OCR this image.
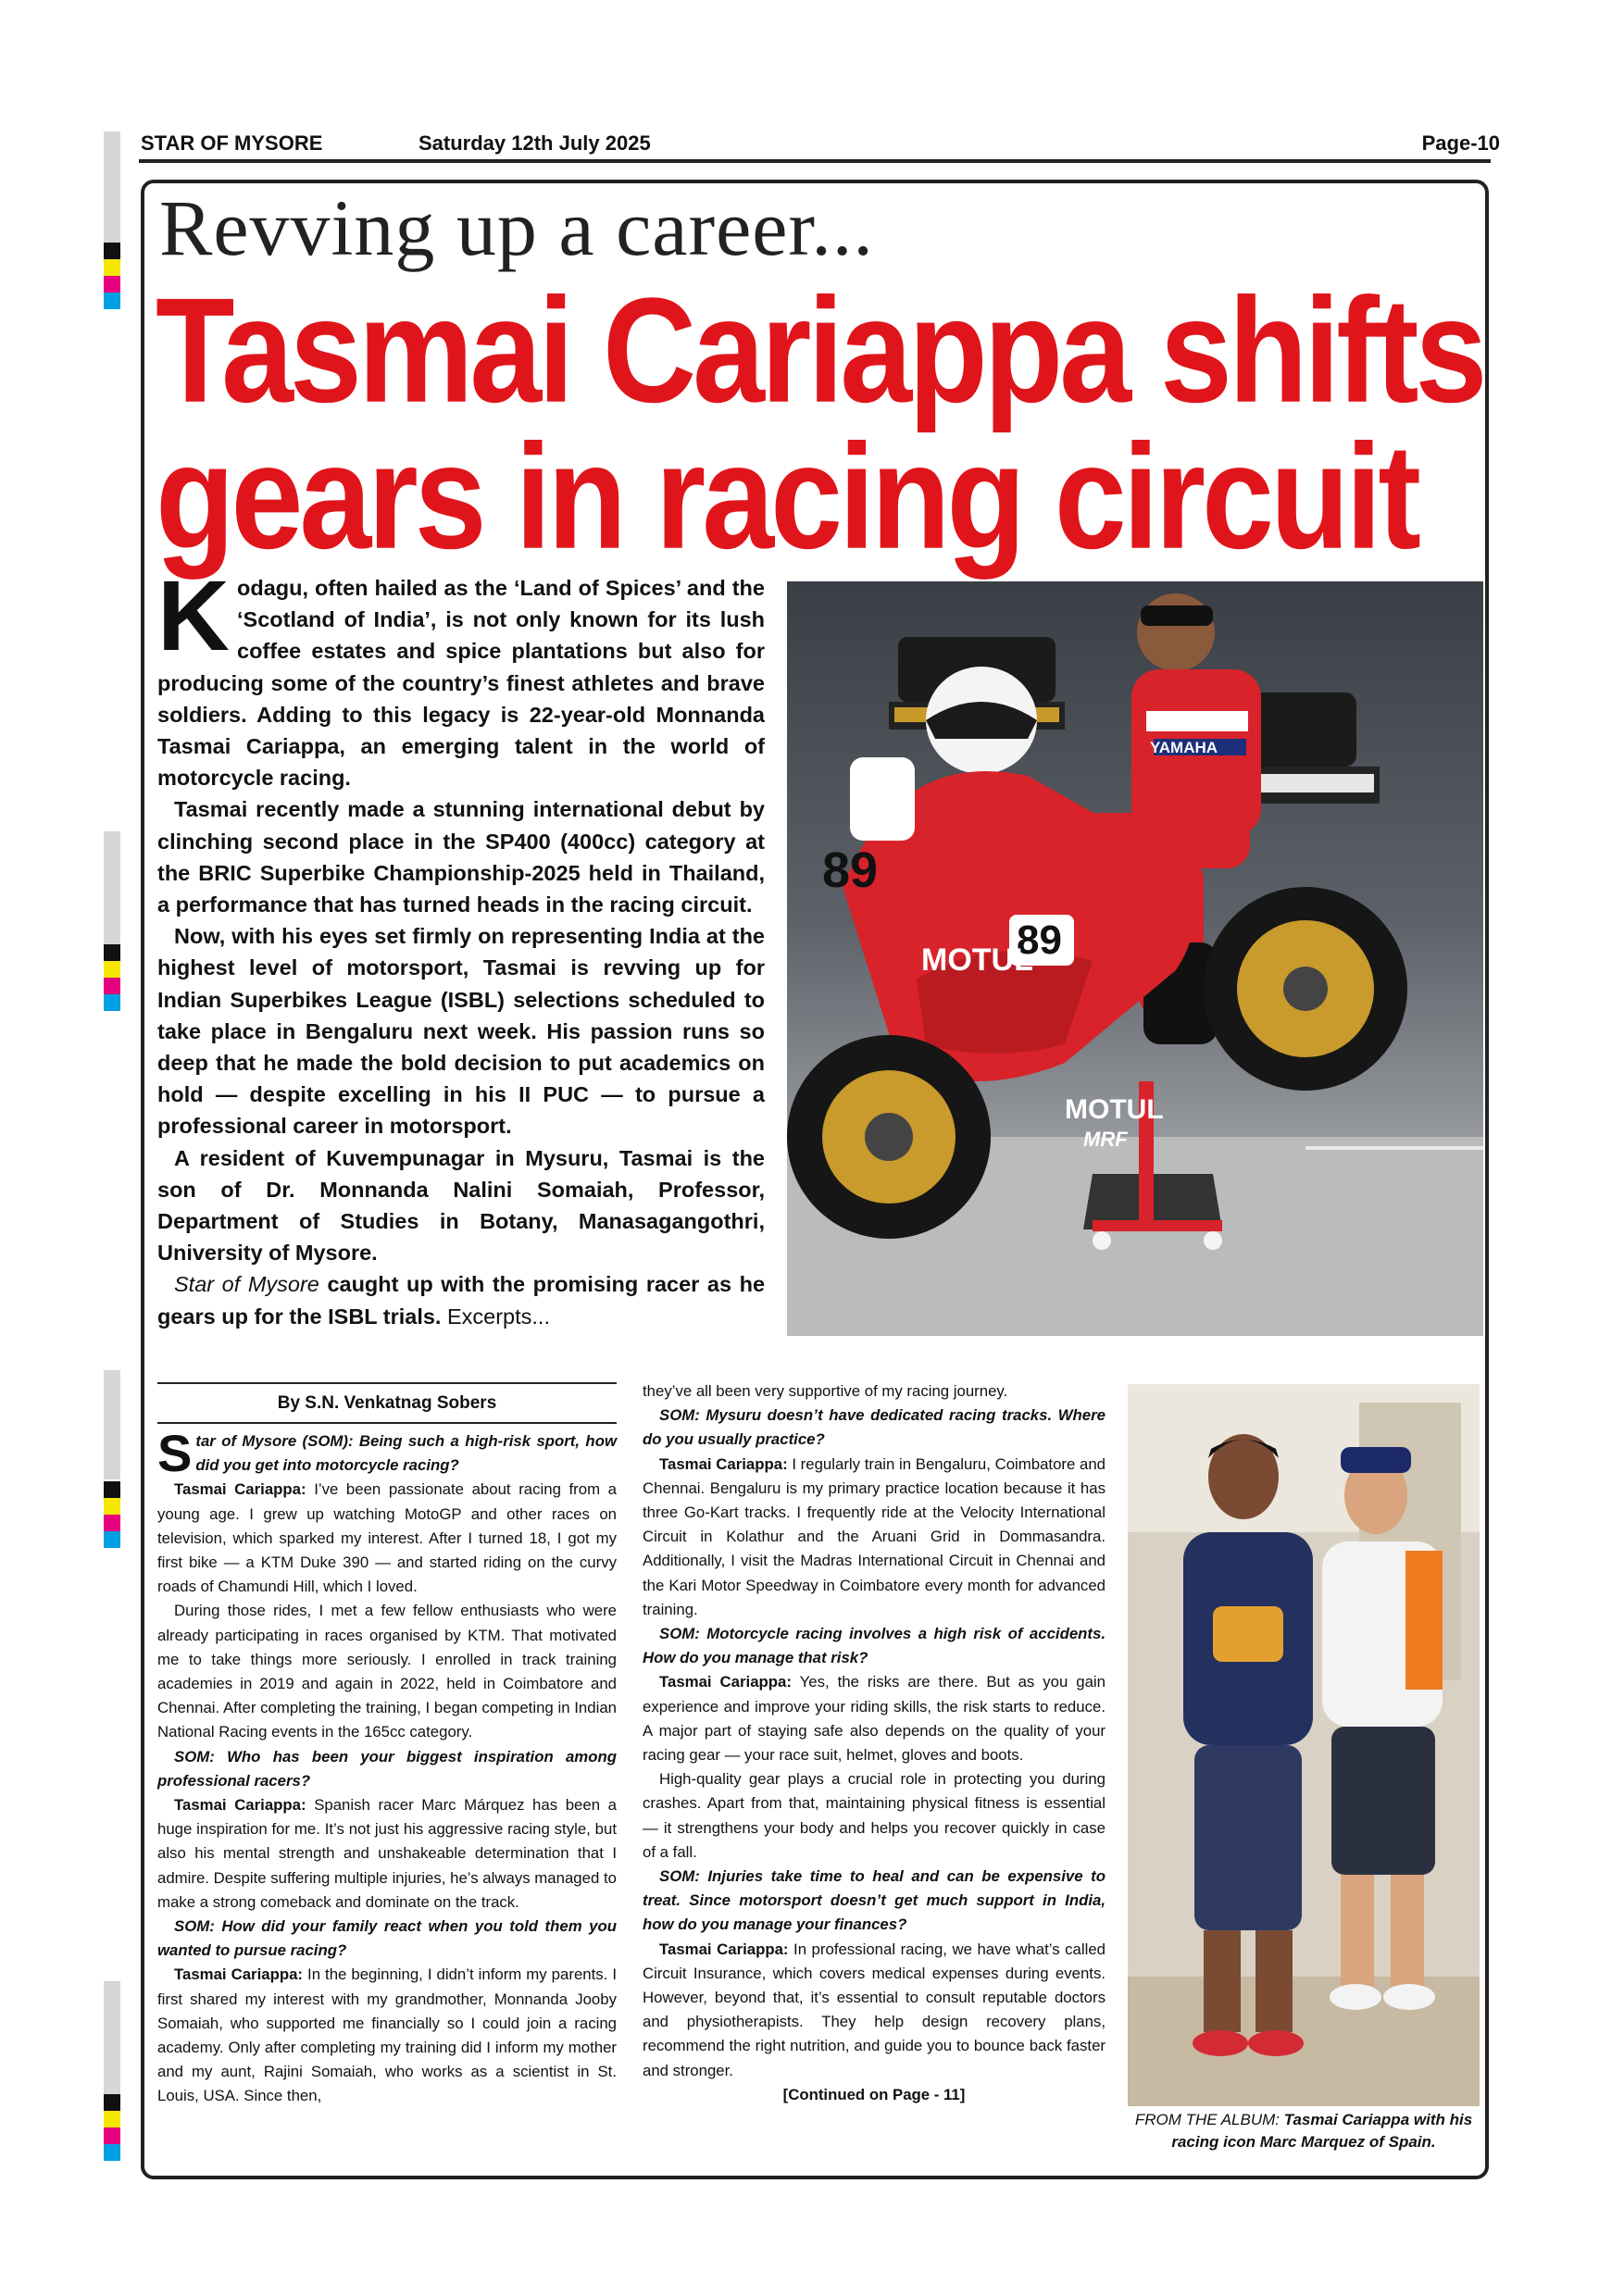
STAR OF MYSORE	Saturday 12th July 2025	Page-10
Revving up a career...
Tasmai Cariappa shifts
gears in racing circuit
89
89
MOTUL
YAMAHA
MOTUL
MRF

Kodagu, often hailed as the ‘Land of Spices’ and the ‘Scotland of India’, is not only known for its lush coffee estates and spice plantations but also for producing some of the country’s finest athletes and brave soldiers. Adding to this legacy is 22-year-old Monnanda Tasmai Cariappa, an emerging talent in the world of motorcycle racing.

Tasmai recently made a stunning international debut by clinching second place in the SP400 (400cc) category at the BRIC Superbike Championship-2025 held in Thailand, a performance that has turned heads in the racing circuit.

Now, with his eyes set firmly on representing India at the highest level of motorsport, Tasmai is revving up for Indian Superbikes League (ISBL) selections scheduled to take place in Bengaluru next week. His passion runs so deep that he made the bold decision to put academics on hold — despite excelling in his II PUC — to pursue a professional career in motorsport.

A resident of Kuvempunagar in Mysuru, Tasmai is the son of Dr. Monnanda Nalini Somaiah, Professor, Department of Studies in Botany, Manasagangothri, University of Mysore.

Star of Mysore caught up with the promising racer as he gears up for the ISBL trials. Excerpts...

By S.N. Venkatnag Sobers

Star of Mysore (SOM): Being such a high-risk sport, how did you get into motorcycle racing?

Tasmai Cariappa: I’ve been passionate about racing from a young age. I grew up watching MotoGP and other races on television, which sparked my interest. After I turned 18, I got my first bike — a KTM Duke 390 — and started riding on the curvy roads of Chamundi Hill, which I loved.

During those rides, I met a few fellow enthusiasts who were already participating in races organised by KTM. That motivated me to take things more seriously. I enrolled in track training academies in 2019 and again in 2022, held in Coimbatore and Chennai. After completing the training, I began competing in Indian National Racing events in the 165cc category.

SOM: Who has been your biggest inspiration among professional racers?

Tasmai Cariappa: Spanish racer Marc Márquez has been a huge inspiration for me. It’s not just his aggressive racing style, but also his mental strength and unshakeable determination that I admire. Despite suffering multiple injuries, he’s always managed to make a strong comeback and dominate on the track.

SOM: How did your family react when you told them you wanted to pursue racing?

Tasmai Cariappa: In the beginning, I didn’t inform my parents. I first shared my interest with my grandmother, Monnanda Jooby Somaiah, who supported me financially so I could join a racing academy. Only after completing my training did I inform my mother and my aunt, Rajini Somaiah, who works as a scientist in St. Louis, USA. Since then,

they’ve all been very supportive of my racing journey.

SOM: Mysuru doesn’t have dedicated racing tracks. Where do you usually practice?

Tasmai Cariappa: I regularly train in Bengaluru, Coimbatore and Chennai. Bengaluru is my primary practice location because it has three Go-Kart tracks. I frequently ride at the Velocity International Circuit in Kolathur and the Aruani Grid in Dommasandra. Additionally, I visit the Madras International Circuit in Chennai and the Kari Motor Speedway in Coimbatore every month for advanced training.

SOM: Motorcycle racing involves a high risk of accidents. How do you manage that risk?

Tasmai Cariappa: Yes, the risks are there. But as you gain experience and improve your riding skills, the risk starts to reduce. A major part of staying safe also depends on the quality of your racing gear — your race suit, helmet, gloves and boots.

High-quality gear plays a crucial role in protecting you during crashes. Apart from that, maintaining physical fitness is essential — it strengthens your body and helps you recover quickly in case of a fall.

SOM: Injuries take time to heal and can be expensive to treat. Since motorsport doesn’t get much support in India, how do you manage your finances?

Tasmai Cariappa: In professional racing, we have what’s called Circuit Insurance, which covers medical expenses during events. However, beyond that, it’s essential to consult reputable doctors and physiotherapists. They help design recovery plans, recommend the right nutrition, and guide you to bounce back faster and stronger.

[Continued on Page - 11]

FROM THE ALBUM: Tasmai Cariappa with his racing icon Marc Marquez of Spain.
